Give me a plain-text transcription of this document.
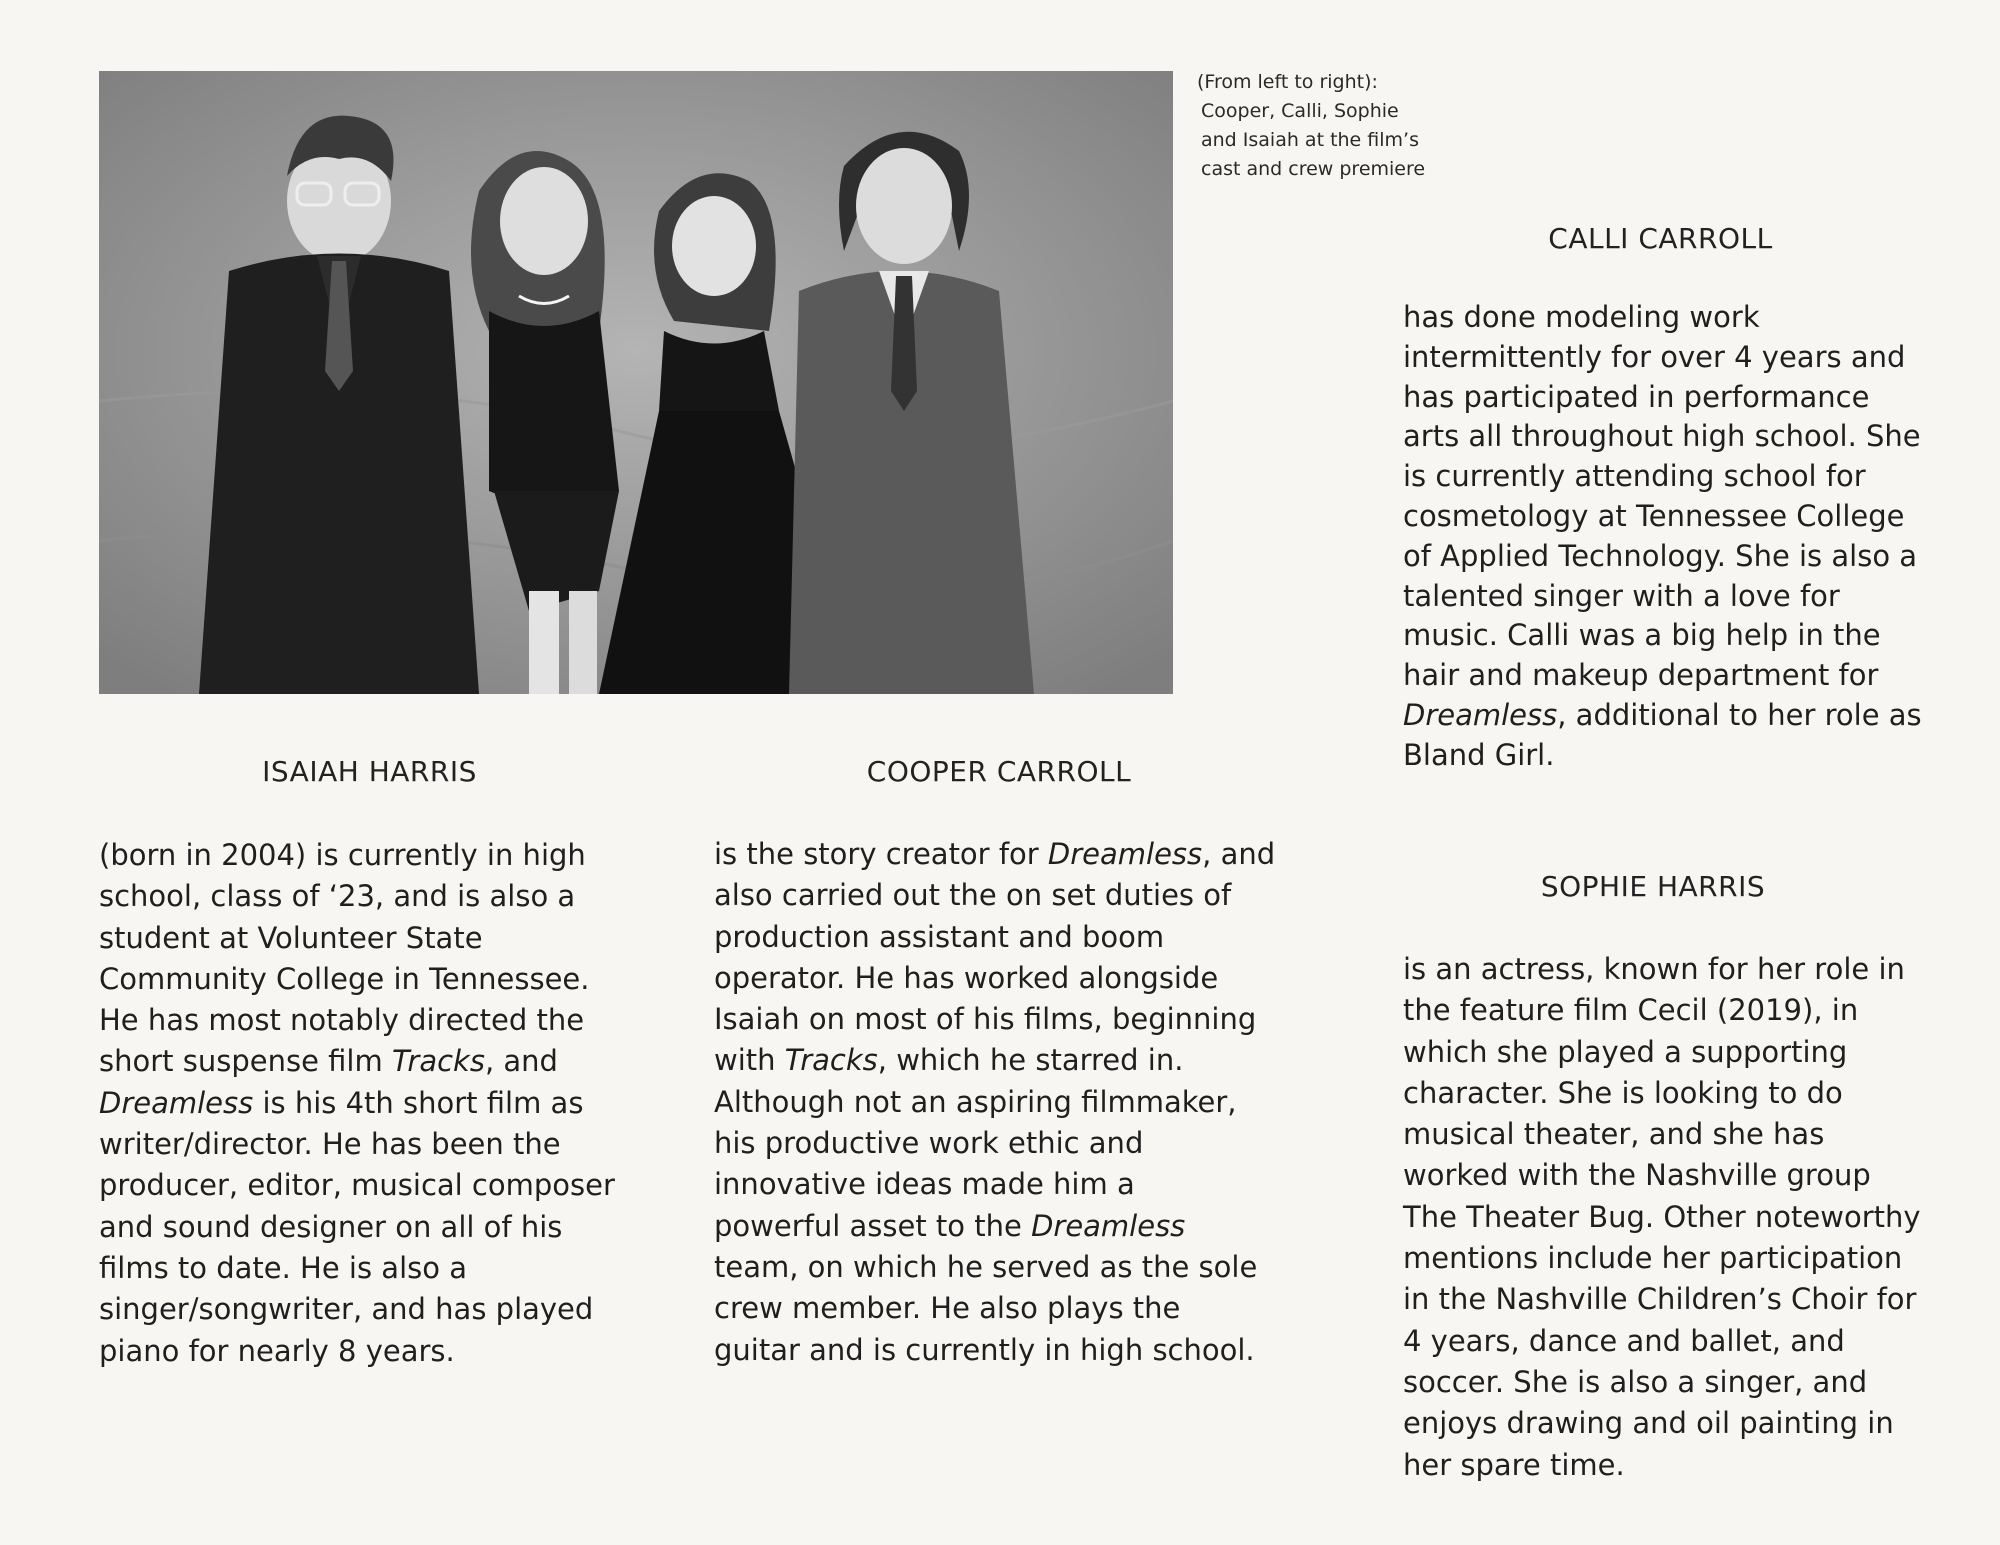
(From left to right):
Cooper, Calli, Sophie
and Isaiah at the film’s
cast and crew premiere
ISAIAH HARRIS	COOPER CARROLL
CALLI CARROLL
SOPHIE HARRIS
(born in 2004) is currently in high
school, class of ‘23, and is also a
student at Volunteer State
Community College in Tennessee.
He has most notably directed the
short suspense film Tracks, and
Dreamless is his 4th short film as
writer/director. He has been the
producer, editor, musical composer
and sound designer on all of his
films to date. He is also a
singer/songwriter, and has played
piano for nearly 8 years.
is the story creator for Dreamless, and
also carried out the on set duties of
production assistant and boom
operator. He has worked alongside
Isaiah on most of his films, beginning
with Tracks, which he starred in.
Although not an aspiring filmmaker,
his productive work ethic and
innovative ideas made him a
powerful asset to the Dreamless
team, on which he served as the sole
crew member. He also plays the
guitar and is currently in high school.
has done modeling work
intermittently for over 4 years and
has participated in performance
arts all throughout high school. She
is currently attending school for
cosmetology at Tennessee College
of Applied Technology. She is also a
talented singer with a love for
music. Calli was a big help in the
hair and makeup department for
Dreamless, additional to her role as
Bland Girl.
is an actress, known for her role in
the feature film Cecil (2019), in
which she played a supporting
character. She is looking to do
musical theater, and she has
worked with the Nashville group
The Theater Bug. Other noteworthy
mentions include her participation
in the Nashville Children’s Choir for
4 years, dance and ballet, and
soccer. She is also a singer, and
enjoys drawing and oil painting in
her spare time.
